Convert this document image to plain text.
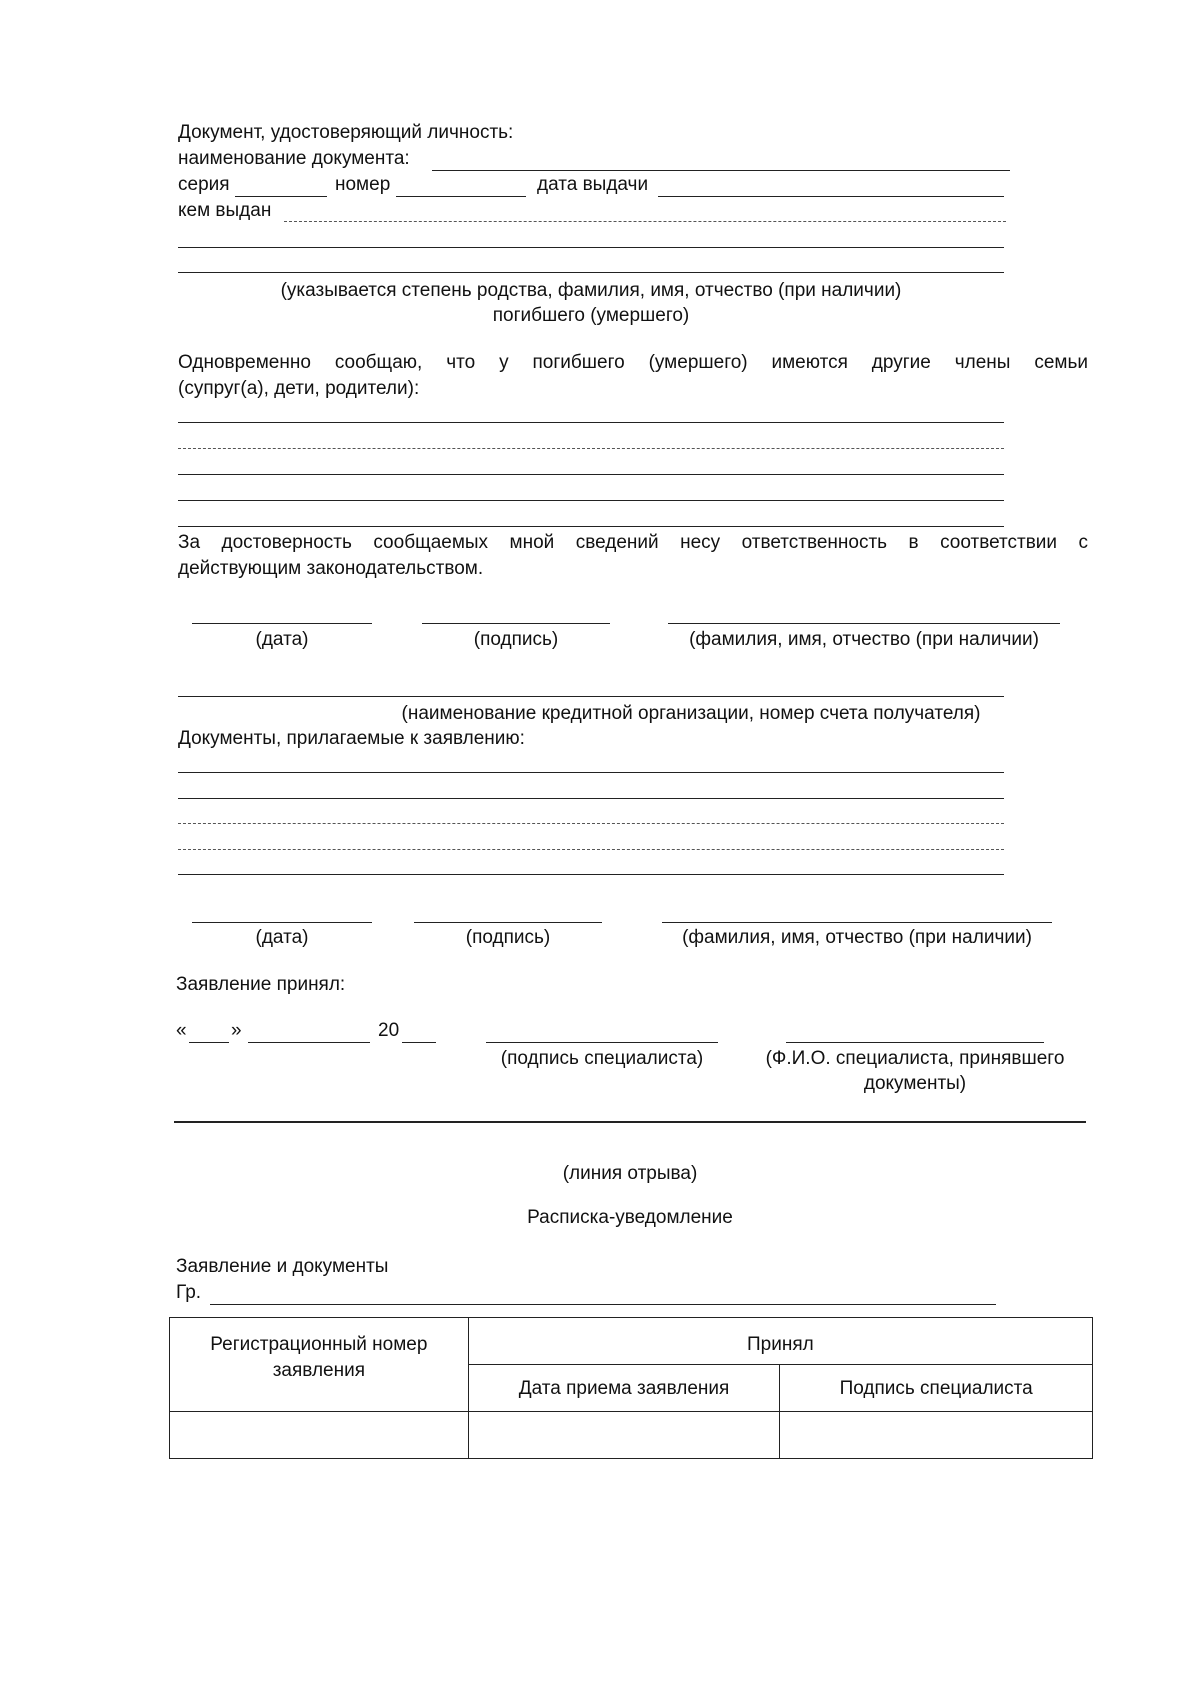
Документ, удостоверяющий личность:
наименование документа:
серия	номер	дата выдачи
кем выдан
(указывается степень родства, фамилия, имя, отчество (при наличии)
погибшего (умершего)
Одновременно сообщаю, что у погибшего (умершего) имеются другие члены семьи
(супруг(а), дети, родители):
За достоверность сообщаемых мной сведений несу ответственность в соответствии с
действующим законодательством.
(дата)	(подпись)	(фамилия, имя, отчество (при наличии)
(наименование кредитной организации, номер счета получателя)
Документы, прилагаемые к заявлению:
(дата)	(подпись)	(фамилия, имя, отчество (при наличии)
Заявление принял:
« »	20
(подпись специалиста)	(Ф.И.О. специалиста, принявшего
документы)
(линия отрыва)
Расписка-уведомление
Заявление и документы
Гр.
Регистрационный номер
заявления	Принял	
	Дата приема заявления	Подпись специалиста
